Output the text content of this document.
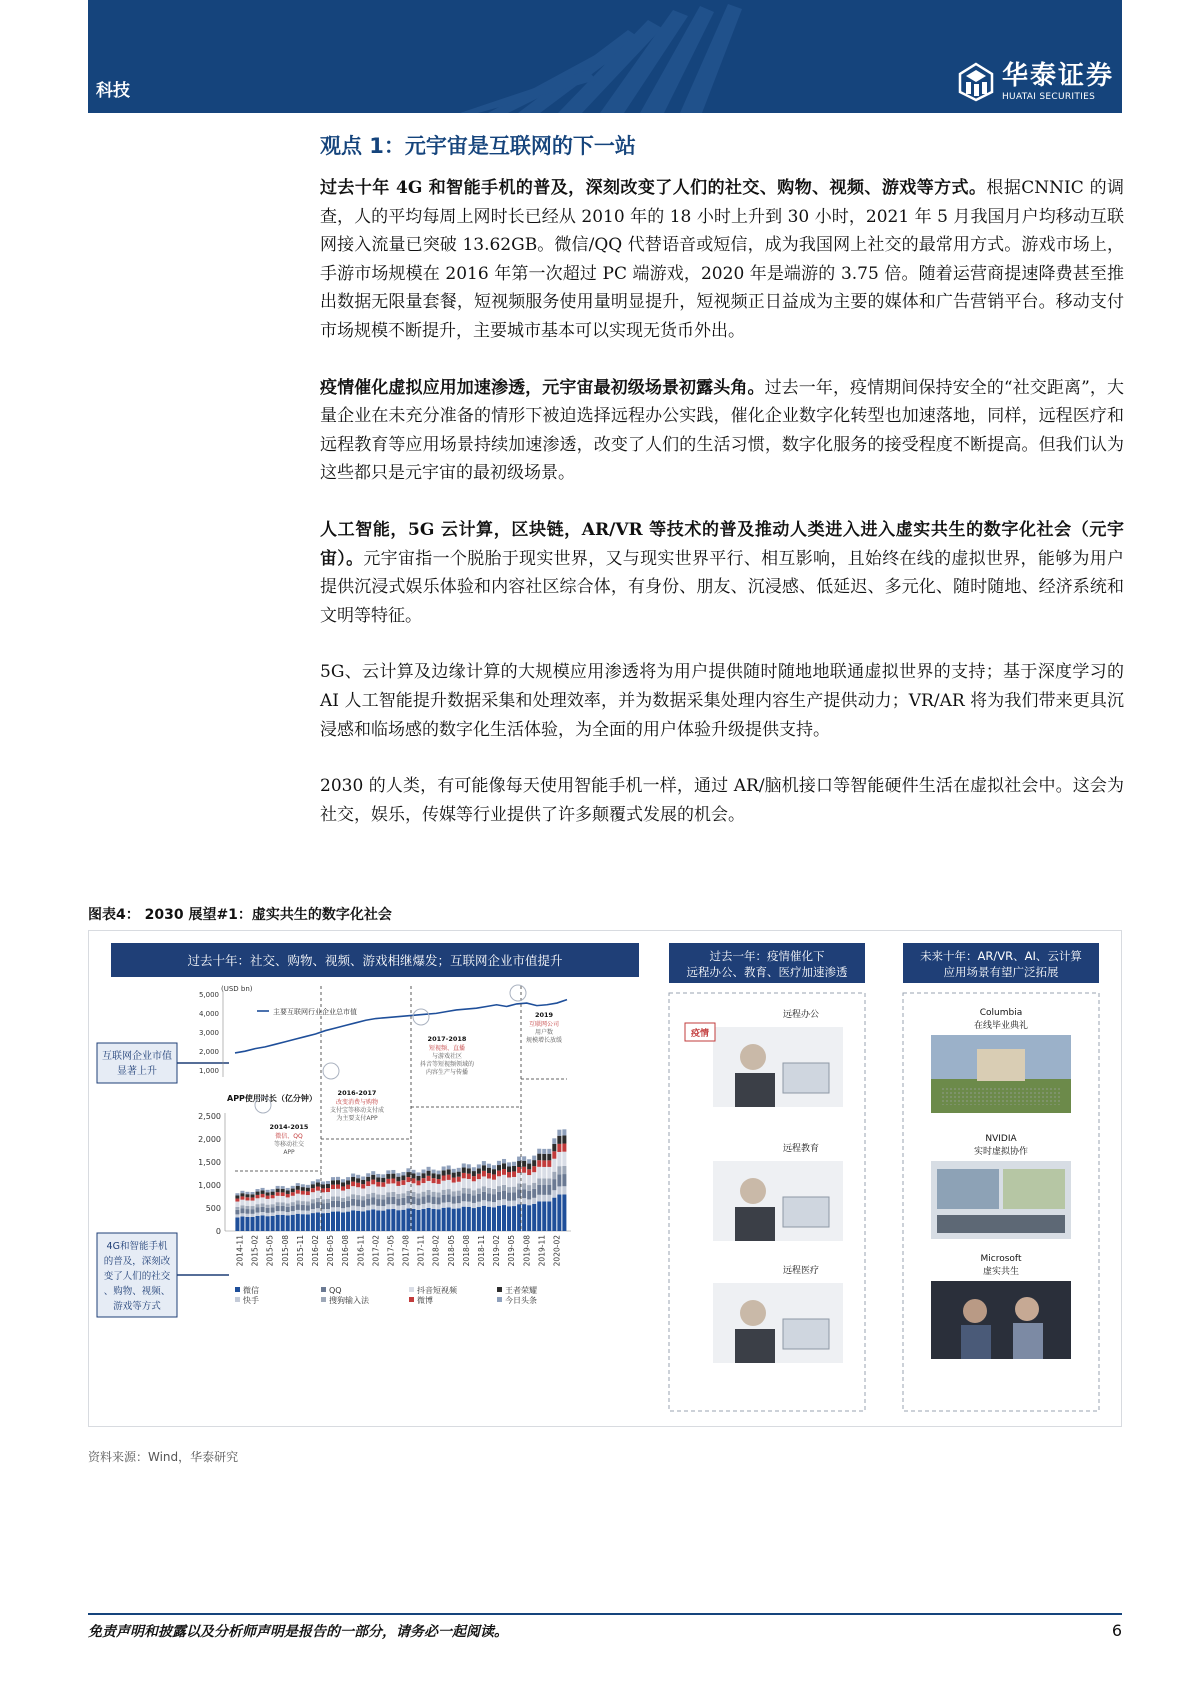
科技
华泰证券
HUATAI SECURITIES
观点 1：元宇宙是互联网的下一站

过去十年 4G 和智能手机的普及，深刻改变了人们的社交、购物、视频、游戏等方式。根据CNNIC 的调查，人的平均每周上网时长已经从 2010 年的 18 小时上升到 30 小时，2021 年 5 月我国月户均移动互联网接入流量已突破 13.62GB。微信/QQ 代替语音或短信，成为我国网上社交的最常用方式。游戏市场上，手游市场规模在 2016 年第一次超过 PC 端游戏，2020 年是端游的 3.75 倍。随着运营商提速降费甚至推出数据无限量套餐，短视频服务使用量明显提升，短视频正日益成为主要的媒体和广告营销平台。移动支付市场规模不断提升，主要城市基本可以实现无货币外出。

疫情催化虚拟应用加速渗透，元宇宙最初级场景初露头角。过去一年，疫情期间保持安全的“社交距离”，大量企业在未充分准备的情形下被迫选择远程办公实践，催化企业数字化转型也加速落地，同样，远程医疗和远程教育等应用场景持续加速渗透，改变了人们的生活习惯，数字化服务的接受程度不断提高。但我们认为这些都只是元宇宙的最初级场景。

人工智能，5G 云计算，区块链，AR/VR 等技术的普及推动人类进入进入虚实共生的数字化社会（元宇宙）。元宇宙指一个脱胎于现实世界，又与现实世界平行、相互影响，且始终在线的虚拟世界，能够为用户提供沉浸式娱乐体验和内容社区综合体，有身份、朋友、沉浸感、低延迟、多元化、随时随地、经济系统和文明等特征。

5G、云计算及边缘计算的大规模应用渗透将为用户提供随时随地地联通虚拟世界的支持；基于深度学习的 AI 人工智能提升数据采集和处理效率，并为数据采集处理内容生产提供动力；VR/AR 将为我们带来更具沉浸感和临场感的数字化生活体验，为全面的用户体验升级提供支持。

2030 的人类，有可能像每天使用智能手机一样，通过 AR/脑机接口等智能硬件生活在虚拟社会中。这会为社交，娱乐，传媒等行业提供了许多颠覆式发展的机会。

图表4： 2030 展望#1：虚实共生的数字化社会
过去十年：社交、购物、视频、游戏相继爆发；互联网企业市值提升	过去一年：疫情催化下
远程办公、教育、医疗加速渗透
未来十年：AR/VR、AI、云计算
应用场景有望广泛拓展
互联网企业市值
显著上升
4G和智能手机
的普及，深刻改
变了人们的社交
、购物、视频、
游戏等方式
(USD bn)
5,000
4,000
3,000
2,000
1,000
主要互联网行业企业总市值
APP使用时长（亿分钟）
2,500
2,000
1,500
1,000
500
0
2014-11 2015-02 2015-05 2015-08 2015-11 2016-02 2016-05 2016-08 2016-11 2017-02 2017-05 2017-08 2017-11 2018-02 2018-05 2018-08 2018-11 2019-02 2019-05 2019-08 2019-11 2020-02
微信
快手
QQ
搜狗输入法
抖音短视频
微博
王者荣耀
今日头条
2014-2015
微信、QQ
等移动社交
APP
2016-2017
改变消费与购物
支付宝等移动支付成
为主要支付APP
2017-2018
短视频、直播
与游戏社区
抖音等短视频领域的
内容生产与传播
2019
互联网公司
用户数
规模增长放缓
远程办公
远程教育
远程医疗
疫情
Columbia
在线毕业典礼
NVIDIA
实时虚拟协作
Microsoft
虚实共生
资料来源：Wind，华泰研究
免责声明和披露以及分析师声明是报告的一部分，请务必一起阅读。	6
